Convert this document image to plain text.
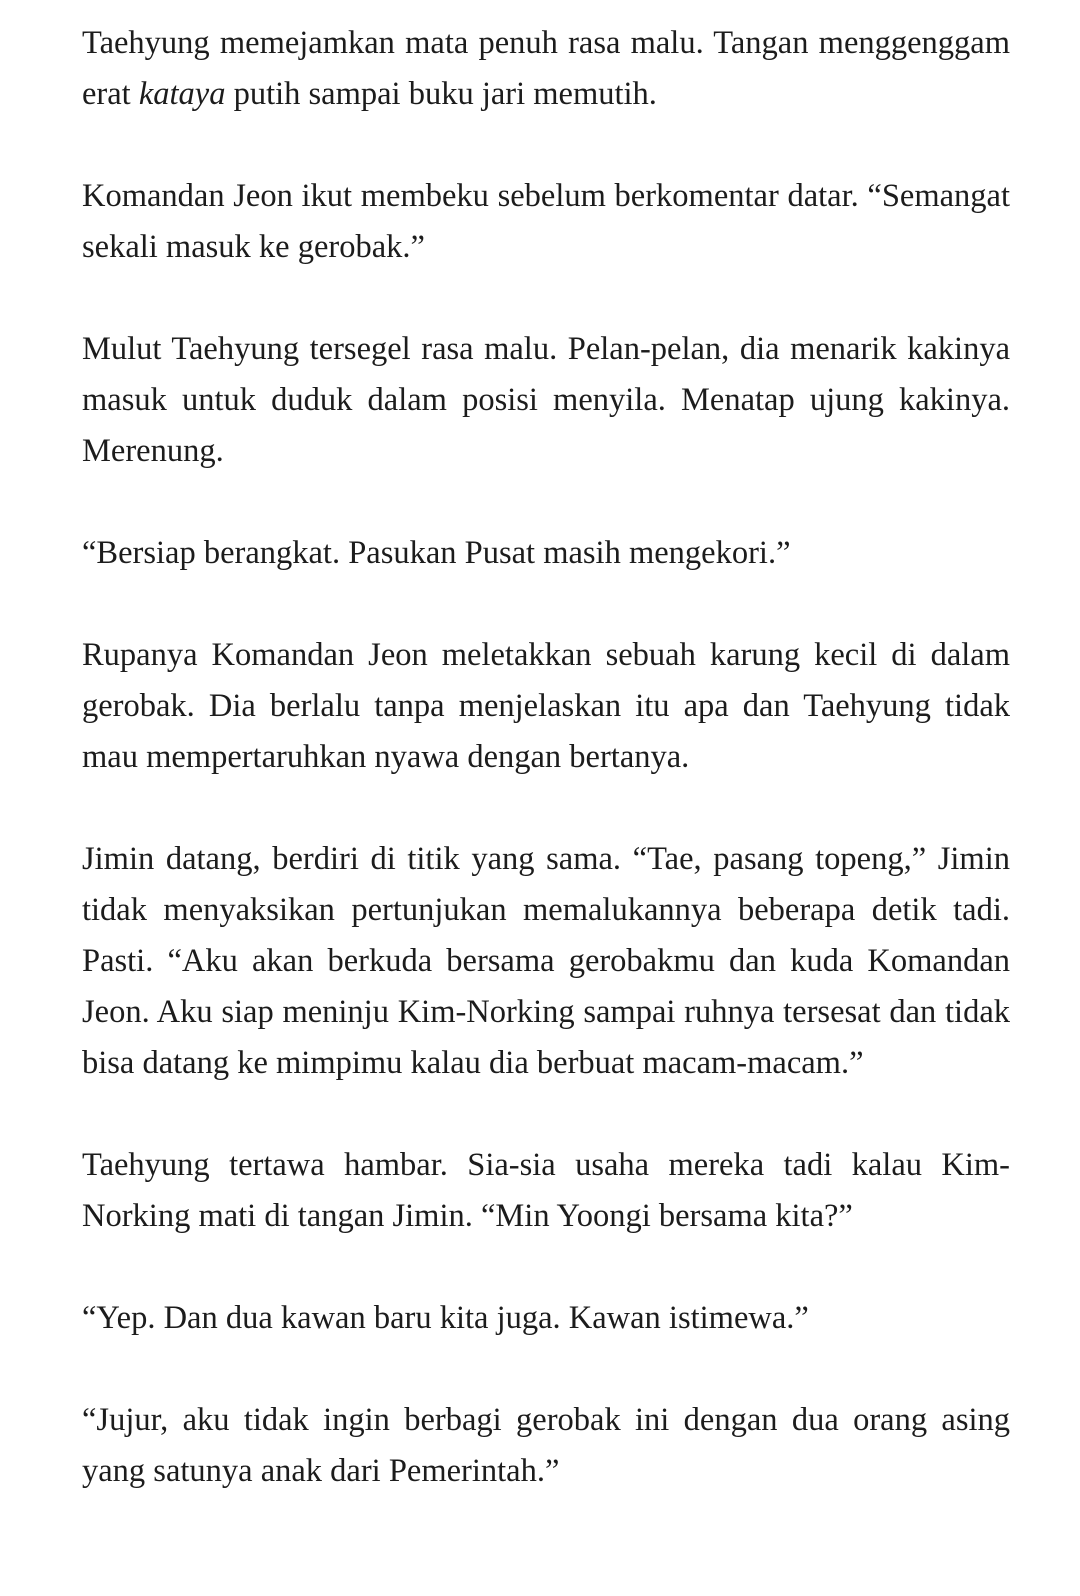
Taehyung memejamkan mata penuh rasa malu. Tangan menggenggam erat kataya putih sampai buku jari memutih.

Komandan Jeon ikut membeku sebelum berkomentar datar. “Semangat sekali masuk ke gerobak.”

Mulut Taehyung tersegel rasa malu. Pelan-pelan, dia menarik kakinya masuk untuk duduk dalam posisi menyila. Menatap ujung kakinya. Merenung.

“Bersiap berangkat. Pasukan Pusat masih mengekori.”

Rupanya Komandan Jeon meletakkan sebuah karung kecil di dalam gerobak. Dia berlalu tanpa menjelaskan itu apa dan Taehyung tidak mau mempertaruhkan nyawa dengan bertanya.

Jimin datang, berdiri di titik yang sama. “Tae, pasang topeng,” Jimin tidak menyaksikan pertunjukan memalukannya beberapa detik tadi. Pasti. “Aku akan berkuda bersama gerobakmu dan kuda Komandan Jeon. Aku siap meninju Kim-Norking sampai ruhnya tersesat dan tidak bisa datang ke mimpimu kalau dia berbuat macam-macam.”

Taehyung tertawa hambar. Sia-sia usaha mereka tadi kalau Kim-Norking mati di tangan Jimin. “Min Yoongi bersama kita?”

“Yep. Dan dua kawan baru kita juga. Kawan istimewa.”

“Jujur, aku tidak ingin berbagi gerobak ini dengan dua orang asing yang satunya anak dari Pemerintah.”
